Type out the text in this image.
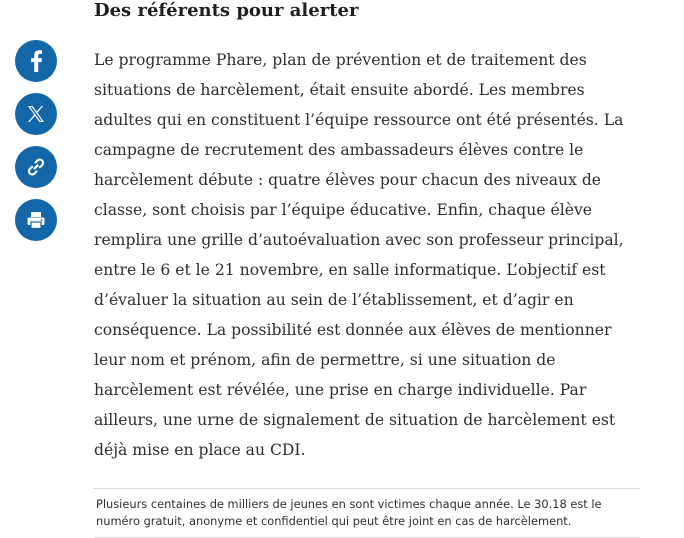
Des référents pour alerter

Le programme Phare, plan de prévention et de traitement des
situations de harcèlement, était ensuite abordé. Les membres
adultes qui en constituent l’équipe ressource ont été présentés. La
campagne de recrutement des ambassadeurs élèves contre le
harcèlement débute : quatre élèves pour chacun des niveaux de
classe, sont choisis par l’équipe éducative. Enfin, chaque élève
remplira une grille d’autoévaluation avec son professeur principal,
entre le 6 et le 21 novembre, en salle informatique. L’objectif est
d’évaluer la situation au sein de l’établissement, et d’agir en
conséquence. La possibilité est donnée aux élèves de mentionner
leur nom et prénom, afin de permettre, si une situation de
harcèlement est révélée, une prise en charge individuelle. Par
ailleurs, une urne de signalement de situation de harcèlement est
déjà mise en place au CDI.

Plusieurs centaines de milliers de jeunes en sont victimes chaque année. Le 30.18 est le
numéro gratuit, anonyme et confidentiel qui peut être joint en cas de harcèlement.
